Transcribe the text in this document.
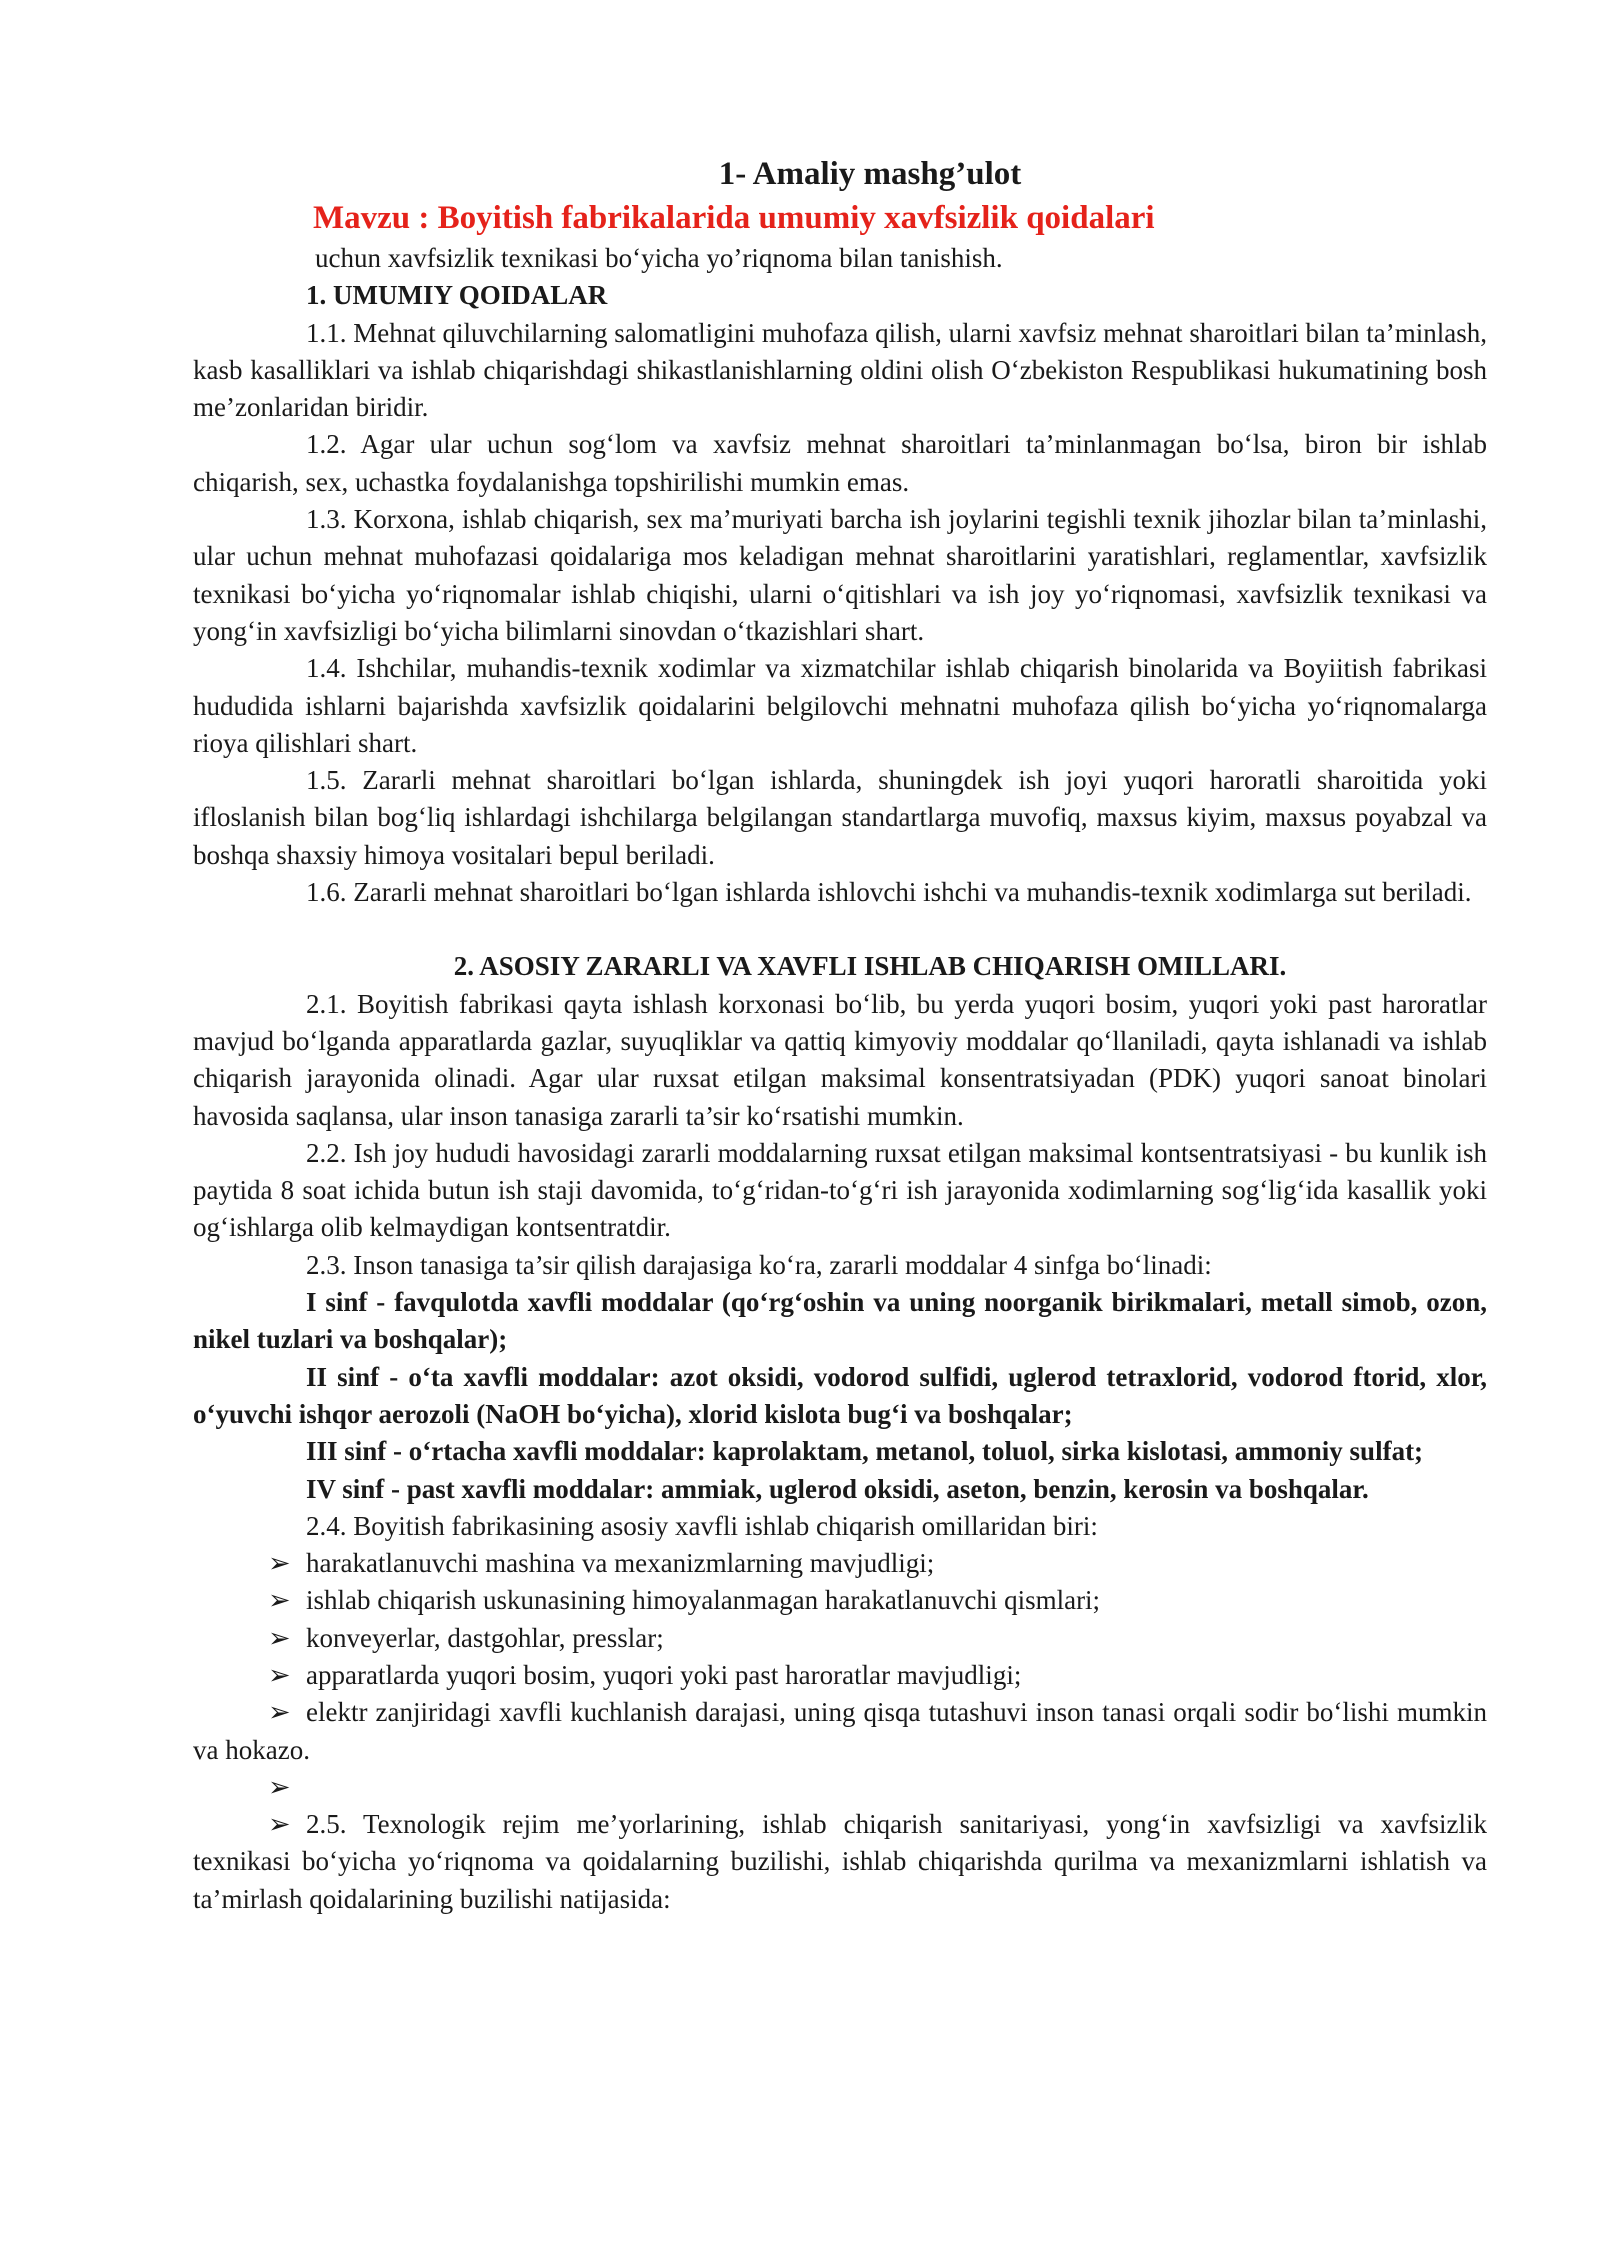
1- Amaliy mashg’ulot
Mavzu : Boyitish fabrikalarida umumiy xavfsizlik qoidalari
uchun xavfsizlik texnikasi bo‘yicha yo’riqnoma bilan tanishish.
1. UMUMIY QOIDALAR

1.1. Mehnat qiluvchilarning salomatligini muhofaza qilish, ularni xavfsiz mehnat sharoitlari bilan ta’minlash, kasb kasalliklari va ishlab chiqarishdagi shikastlanishlarning oldini olish O‘zbekiston Respublikasi hukumatining bosh me’zonlaridan biridir.

1.2. Agar ular uchun sog‘lom va xavfsiz mehnat sharoitlari ta’minlanmagan bo‘lsa, biron bir ishlab chiqarish, sex, uchastka foydalanishga topshirilishi mumkin emas.

1.3. Korxona, ishlab chiqarish, sex ma’muriyati barcha ish joylarini tegishli texnik jihozlar bilan ta’minlashi, ular uchun mehnat muhofazasi qoidalariga mos keladigan mehnat sharoitlarini yaratishlari, reglamentlar, xavfsizlik texnikasi bo‘yicha yo‘riqnomalar ishlab chiqishi, ularni o‘qitishlari va ish joy yo‘riqnomasi, xavfsizlik texnikasi va yong‘in xavfsizligi bo‘yicha bilimlarni sinovdan o‘tkazishlari shart.

1.4. Ishchilar, muhandis-texnik xodimlar va xizmatchilar ishlab chiqarish binolarida va Boyiitish fabrikasi hududida ishlarni bajarishda xavfsizlik qoidalarini belgilovchi mehnatni muhofaza qilish bo‘yicha yo‘riqnomalarga rioya qilishlari shart.

1.5. Zararli mehnat sharoitlari bo‘lgan ishlarda, shuningdek ish joyi yuqori haroratli sharoitida yoki ifloslanish bilan bog‘liq ishlardagi ishchilarga belgilangan standartlarga muvofiq, maxsus kiyim, maxsus poyabzal va boshqa shaxsiy himoya vositalari bepul beriladi.

1.6. Zararli mehnat sharoitlari bo‘lgan ishlarda ishlovchi ishchi va muhandis-texnik xodimlarga sut beriladi.

2. ASOSIY ZARARLI VA XAVFLI ISHLAB CHIQARISH OMILLARI.

2.1. Boyitish fabrikasi qayta ishlash korxonasi bo‘lib, bu yerda yuqori bosim, yuqori yoki past haroratlar mavjud bo‘lganda apparatlarda gazlar, suyuqliklar va qattiq kimyoviy moddalar qo‘llaniladi, qayta ishlanadi va ishlab chiqarish jarayonida olinadi. Agar ular ruxsat etilgan maksimal konsentratsiyadan (PDK) yuqori sanoat binolari havosida saqlansa, ular inson tanasiga zararli ta’sir ko‘rsatishi mumkin.

2.2. Ish joy hududi havosidagi zararli moddalarning ruxsat etilgan maksimal kontsentratsiyasi - bu kunlik ish paytida 8 soat ichida butun ish staji davomida, to‘g‘ridan-to‘g‘ri ish jarayonida xodimlarning sog‘lig‘ida kasallik yoki og‘ishlarga olib kelmaydigan kontsentratdir.

2.3. Inson tanasiga ta’sir qilish darajasiga ko‘ra, zararli moddalar 4 sinfga bo‘linadi:

I sinf - favqulotda xavfli moddalar (qo‘rg‘oshin va uning noorganik birikmalari, metall simob, ozon, nikel tuzlari va boshqalar);

II sinf - o‘ta xavfli moddalar: azot oksidi, vodorod sulfidi, uglerod tetraxlorid, vodorod ftorid, xlor, o‘yuvchi ishqor aerozoli (NaOH bo‘yicha), xlorid kislota bug‘i va boshqalar;

III sinf - o‘rtacha xavfli moddalar: kaprolaktam, metanol, toluol, sirka kislotasi, ammoniy sulfat;

IV sinf - past xavfli moddalar: ammiak, uglerod oksidi, aseton, benzin, kerosin va boshqalar.

2.4. Boyitish fabrikasining asosiy xavfli ishlab chiqarish omillaridan biri:

➢ harakatlanuvchi mashina va mexanizmlarning mavjudligi;
➢ ishlab chiqarish uskunasining himoyalanmagan harakatlanuvchi qismlari;
➢ konveyerlar, dastgohlar, presslar;
➢ apparatlarda yuqori bosim, yuqori yoki past haroratlar mavjudligi;
➢ elektr zanjiridagi xavfli kuchlanish darajasi, uning qisqa tutashuvi inson tanasi orqali sodir bo‘lishi mumkin va hokazo.
➢
➢ 2.5. Texnologik rejim me’yorlarining, ishlab chiqarish sanitariyasi, yong‘in xavfsizligi va xavfsizlik texnikasi bo‘yicha yo‘riqnoma va qoidalarning buzilishi, ishlab chiqarishda qurilma va mexanizmlarni ishlatish va ta’mirlash qoidalarining buzilishi natijasida:
